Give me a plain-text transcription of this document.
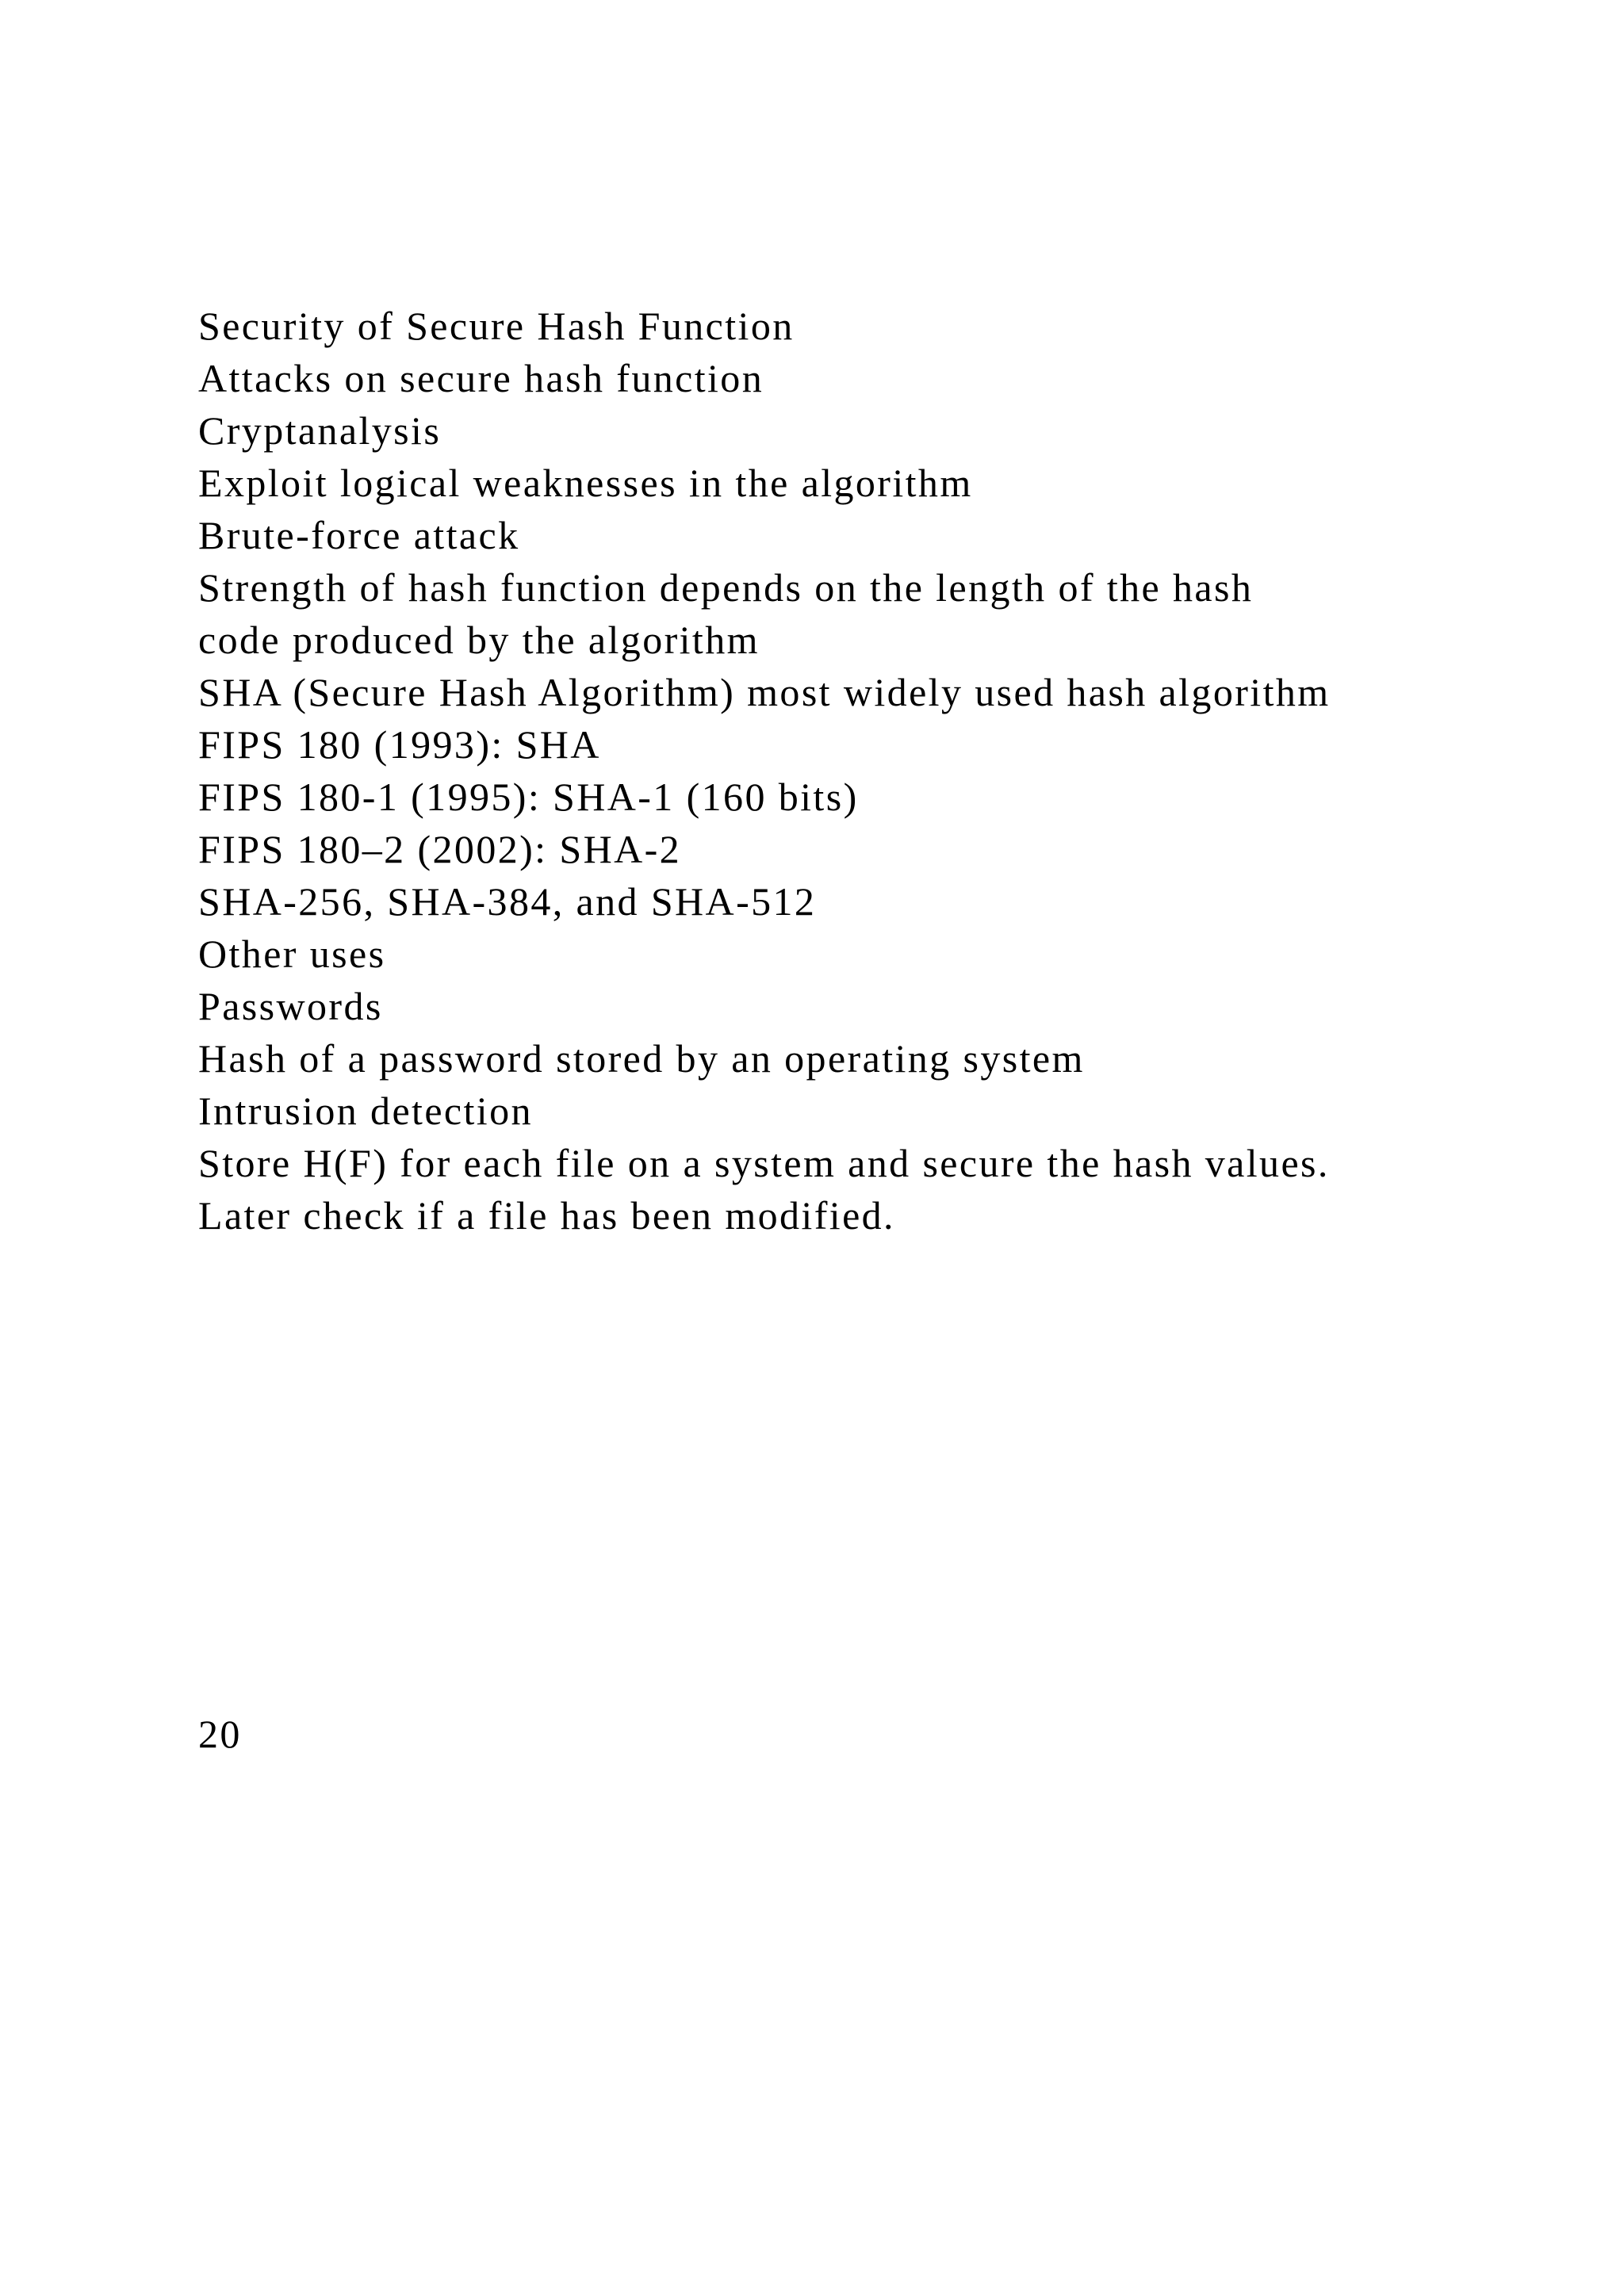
Security of Secure Hash Function
Attacks on secure hash function
Cryptanalysis
Exploit logical weaknesses in the algorithm
Brute-force attack
Strength of hash function depends on the length of the hash
code produced by the algorithm
SHA (Secure Hash Algorithm) most widely used hash algorithm
FIPS 180 (1993): SHA
FIPS 180-1 (1995): SHA-1 (160 bits)
FIPS 180–2 (2002): SHA-2
SHA-256, SHA-384, and SHA-512
Other uses
Passwords
Hash of a password stored by an operating system
Intrusion detection
Store H(F) for each file on a system and secure the hash values.
Later check if a file has been modified.
20
